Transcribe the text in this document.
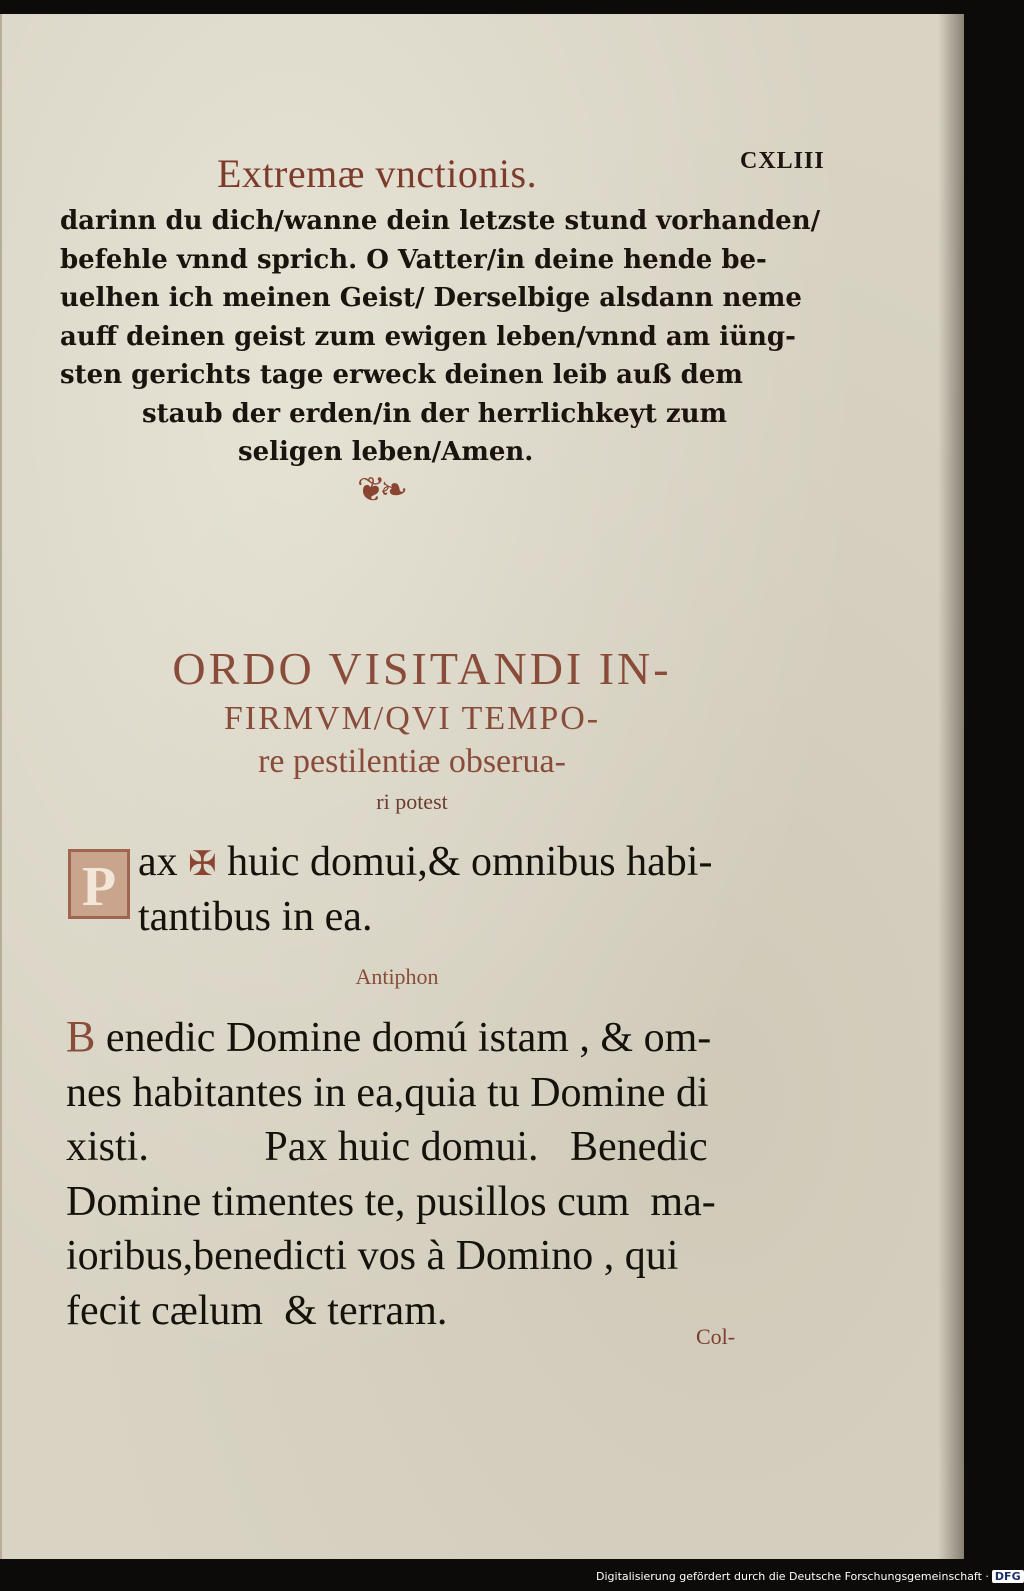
Extremæ vnctionis.	CXLIII
darinn du dich/wanne dein letzste stund vorhanden/
befehle vnnd sprich. O Vatter/in deine hende be-
uelhen ich meinen Geist/ Derselbige alsdann neme
auff deinen geist zum ewigen leben/vnnd am iüng-
sten gerichts tage erweck deinen leib auß dem
staub der erden/in der herrlichkeyt zum
seligen leben/Amen.
❦❧
ORDO VISITANDI IN-
FIRMVM/QVI TEMPO-
re pestilentiæ obserua-
ri potest
P ax ✠ huic domui,& omnibus habi-
tantibus in ea.
Antiphon
B enedic Domine domú istam , & om-
nes habitantes in ea,quia tu Domine di
xisti.           Pax huic domui.   Benedic
Domine timentes te, pusillos cum  ma-
ioribus,benedicti vos à Domino , qui
fecit cælum  & terram.
Col-
Digitalisierung gefördert durch die Deutsche Forschungsgemeinschaft · DFG
